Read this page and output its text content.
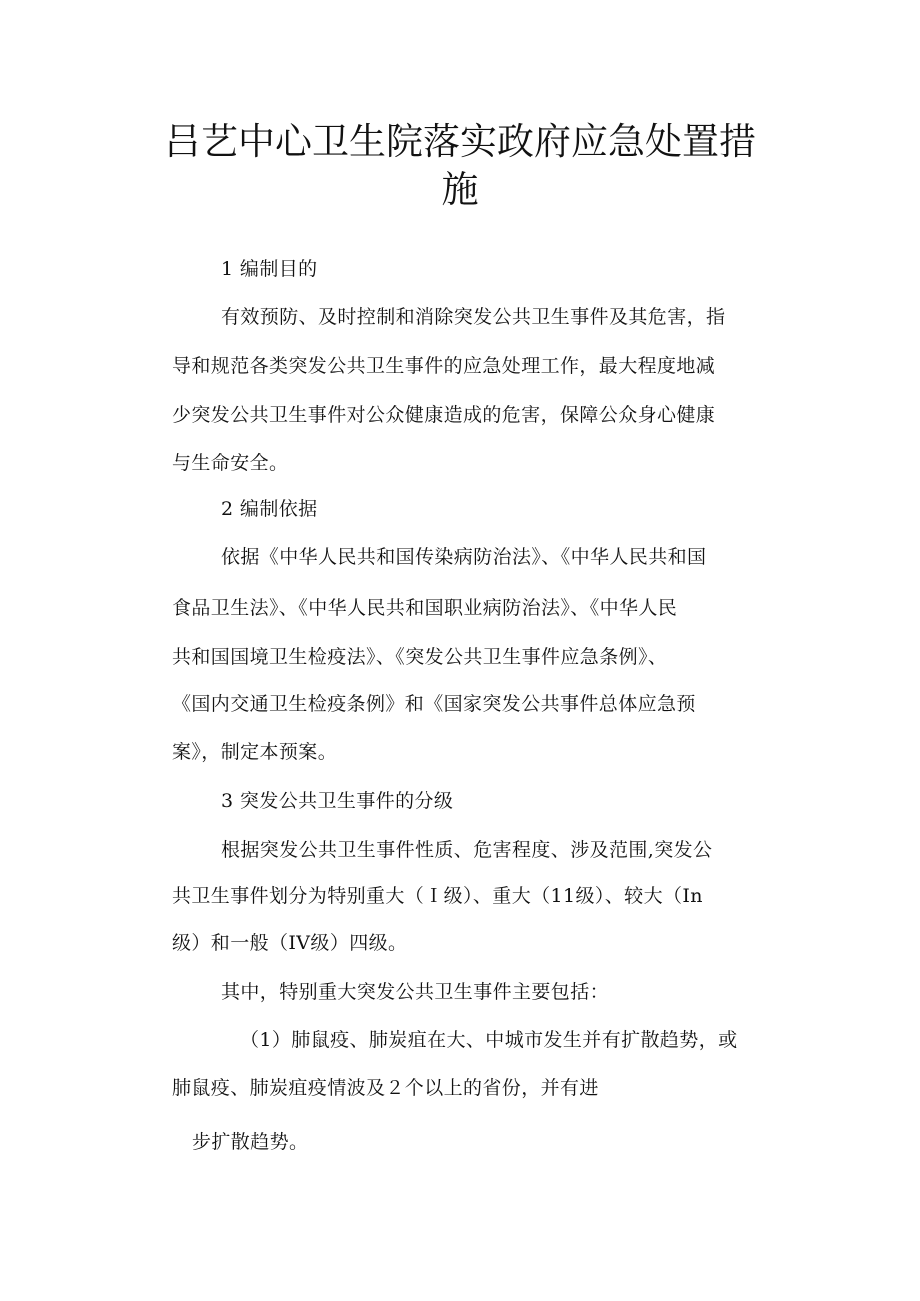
吕艺中心卫生院落实政府应急处置措施
1 编制目的
有效预防、及时控制和消除突发公共卫生事件及其危害，指
导和规范各类突发公共卫生事件的应急处理工作，最大程度地减
少突发公共卫生事件对公众健康造成的危害，保障公众身心健康
与生命安全。
2 编制依据
依据《中华人民共和国传染病防治法》、《中华人民共和国
食品卫生法》、《中华人民共和国职业病防治法》、《中华人民
共和国国境卫生检疫法》、《突发公共卫生事件应急条例》、
《国内交通卫生检疫条例》和《国家突发公共事件总体应急预
案》，制定本预案。
3 突发公共卫生事件的分级
根据突发公共卫生事件性质、危害程度、涉及范围,突发公
共卫生事件划分为特别重大（Ｉ级）、重大（11级）、较大（In
级）和一般（IV级）四级。
其中，特别重大突发公共卫生事件主要包括：
（1）肺鼠疫、肺炭疽在大、中城市发生并有扩散趋势，或
肺鼠疫、肺炭疽疫情波及２个以上的省份，并有进
步扩散趋势。
